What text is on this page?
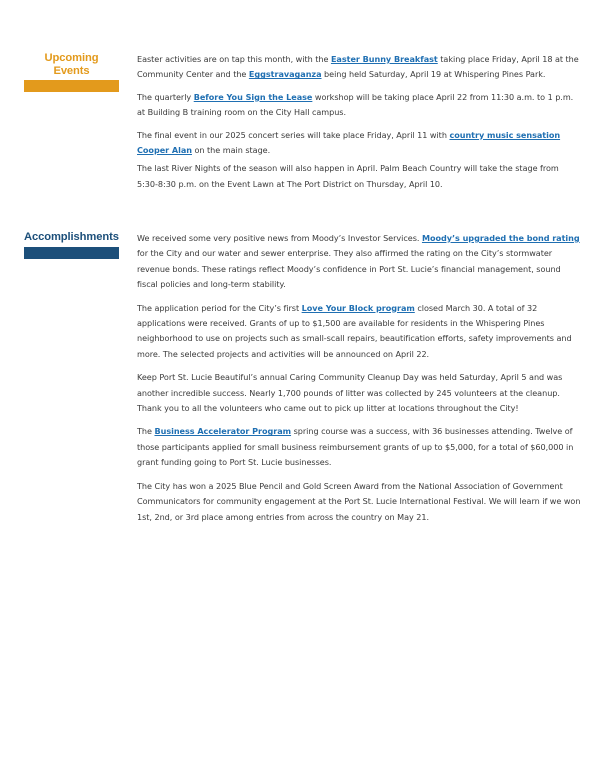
Upcoming
Events

Easter activities are on tap this month, with the Easter Bunny Breakfast taking place Friday, April 18 at the Community Center and the Eggstravaganza being held Saturday, April 19 at Whispering Pines Park.

The quarterly Before You Sign the Lease workshop will be taking place April 22 from 11:30 a.m. to 1 p.m. at Building B training room on the City Hall campus.

The final event in our 2025 concert series will take place Friday, April 11 with country music sensation Cooper Alan on the main stage.

The last River Nights of the season will also happen in April. Palm Beach Country will take the stage from 5:30-8:30 p.m. on the Event Lawn at The Port District on Thursday, April 10.

Accomplishments We received some very positive news from Moody’s Investor Services. Moody’s upgraded the bond rating for the City and our water and sewer enterprise. They also affirmed the rating on the City’s stormwater revenue bonds. These ratings reflect Moody’s confidence in Port St. Lucie’s financial management, sound fiscal policies and long-term stability.

The application period for the City’s first Love Your Block program closed March 30. A total of 32 applications were received. Grants of up to $1,500 are available for residents in the Whispering Pines neighborhood to use on projects such as small-scall repairs, beautification efforts, safety improvements and more. The selected projects and activities will be announced on April 22.

Keep Port St. Lucie Beautiful’s annual Caring Community Cleanup Day was held Saturday, April 5 and was another incredible success. Nearly 1,700 pounds of litter was collected by 245 volunteers at the cleanup. Thank you to all the volunteers who came out to pick up litter at locations throughout the City!

The Business Accelerator Program spring course was a success, with 36 businesses attending. Twelve of those participants applied for small business reimbursement grants of up to $5,000, for a total of $60,000 in grant funding going to Port St. Lucie businesses.

The City has won a 2025 Blue Pencil and Gold Screen Award from the National Association of Government Communicators for community engagement at the Port St. Lucie International Festival. We will learn if we won 1st, 2nd, or 3rd place among entries from across the country on May 21.
